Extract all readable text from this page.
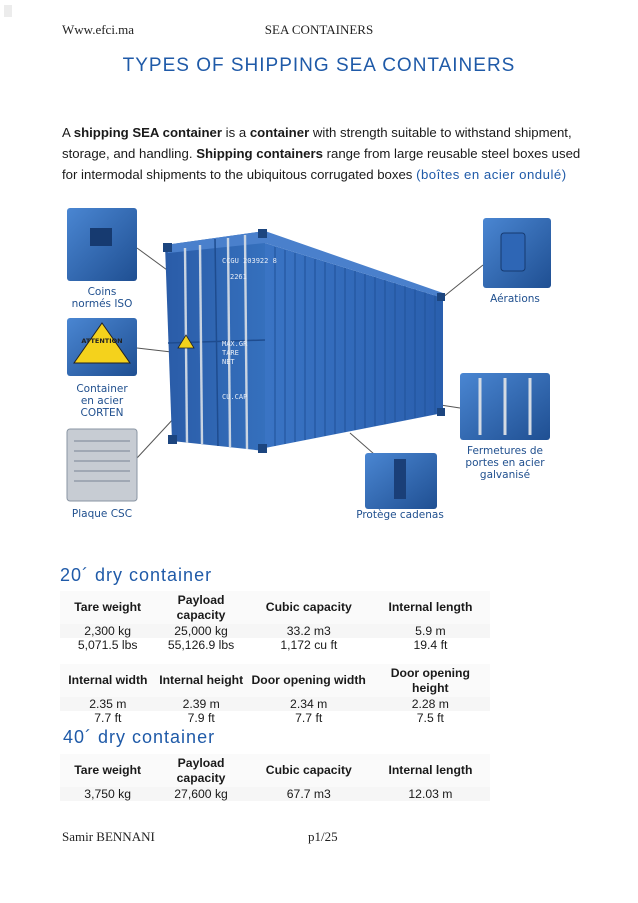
Www.efci.ma	SEA CONTAINERS
TYPES OF SHIPPING SEA CONTAINERS
A shipping SEA container is a container with strength suitable to withstand shipment, storage, and handling. Shipping containers range from large reusable steel boxes used for intermodal shipments to the ubiquitous corrugated boxes (boîtes en acier ondulé)
CCGU 203922 8
2261
MAX.GR
TARE
NET
CU.CAP
Coins
normés ISO
ATTENTION
Container
en acier
CORTEN
Plaque CSC
Aérations
Fermetures de
portes en acier
galvanisé
Protège cadenas
20´ dry container
Tare weight	Payload capacity	Cubic capacity	Internal length
2,300 kg	25,000 kg	33.2 m3	5.9 m
5,071.5 lbs	55,126.9 lbs	1,172 cu ft	19.4 ft
Internal width	Internal height	Door opening width	Door opening height
2.35 m	2.39 m	2.34 m	2.28 m
7.7 ft	7.9 ft	7.7 ft	7.5 ft
40´ dry container
Tare weight	Payload capacity	Cubic capacity	Internal length
3,750 kg	27,600 kg	67.7 m3	12.03 m
Samir BENNANI	p1/25
